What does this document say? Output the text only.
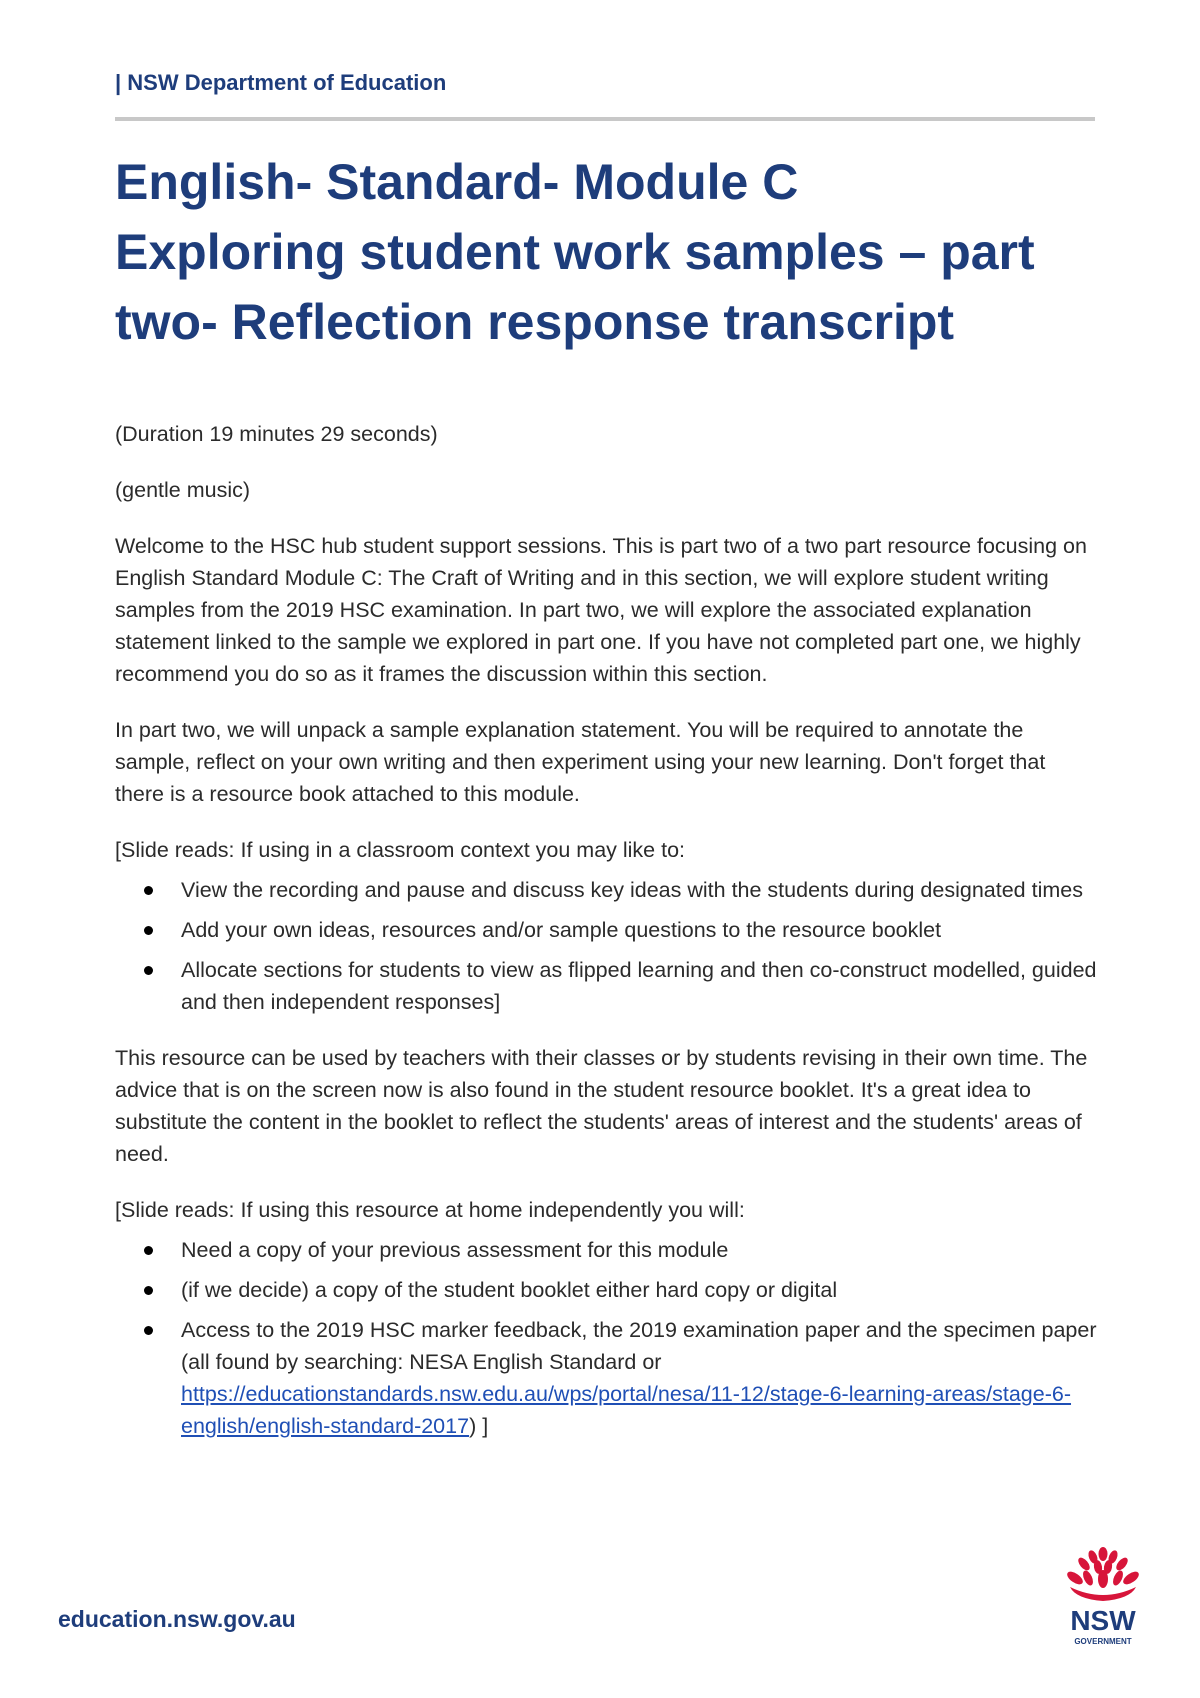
| NSW Department of Education
English- Standard- Module C
Exploring student work samples – part
two- Reflection response transcript

(Duration 19 minutes 29 seconds)

(gentle music)

Welcome to the HSC hub student support sessions. This is part two of a two part resource focusing on English Standard Module C: The Craft of Writing and in this section, we will explore student writing samples from the 2019 HSC examination. In part two, we will explore the associated explanation statement linked to the sample we explored in part one. If you have not completed part one, we highly recommend you do so as it frames the discussion within this section.

In part two, we will unpack a sample explanation statement. You will be required to annotate the sample, reflect on your own writing and then experiment using your new learning. Don't forget that there is a resource book attached to this module.

[Slide reads: If using in a classroom context you may like to:

View the recording and pause and discuss key ideas with the students during designated times
Add your own ideas, resources and/or sample questions to the resource booklet
Allocate sections for students to view as flipped learning and then co-construct modelled, guided and then independent responses]

This resource can be used by teachers with their classes or by students revising in their own time. The advice that is on the screen now is also found in the student resource booklet. It's a great idea to substitute the content in the booklet to reflect the students' areas of interest and the students' areas of need.

[Slide reads: If using this resource at home independently you will:

Need a copy of your previous assessment for this module
(if we decide) a copy of the student booklet either hard copy or digital
Access to the 2019 HSC marker feedback, the 2019 examination paper and the specimen paper (all found by searching: NESA English Standard or https://educationstandards.nsw.edu.au/wps/portal/nesa/11-12/stage-6-learning-areas/stage-6-english/english-standard-2017) ]
education.nsw.gov.au	NSW
GOVERNMENT
